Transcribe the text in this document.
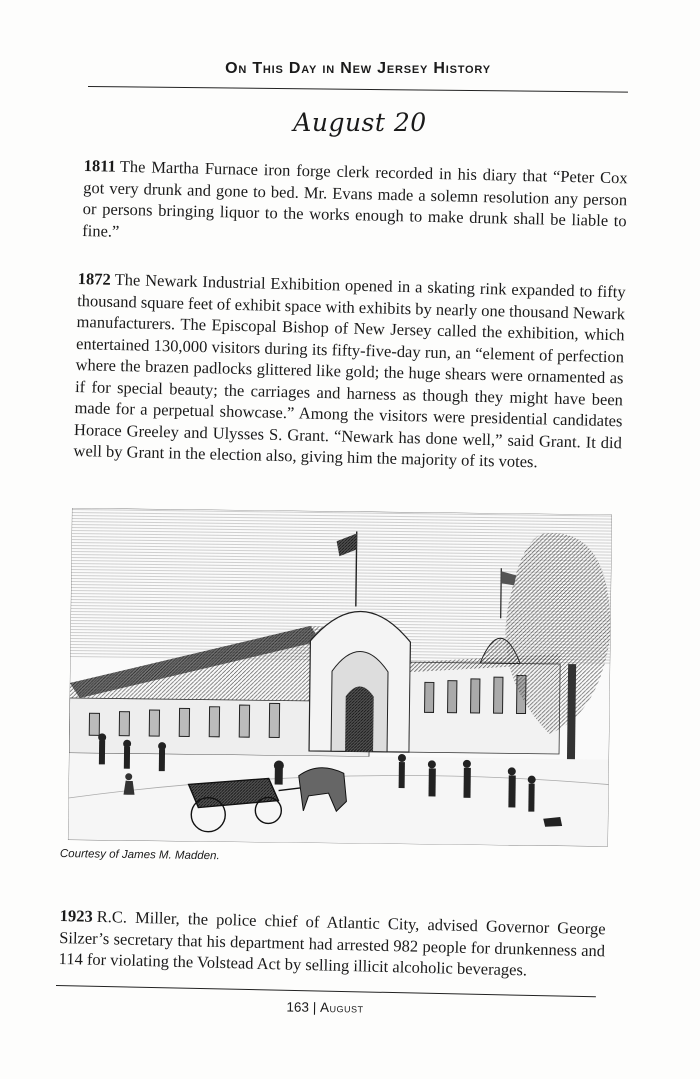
On This Day in New Jersey History
August 20
1811 The Martha Furnace iron forge clerk recorded in his diary that “Peter Cox got very drunk and gone to bed. Mr. Evans made a solemn resolution any person or persons bringing liquor to the works enough to make drunk shall be liable to fine.”
1872 The Newark Industrial Exhibition opened in a skating rink expanded to fifty thousand square feet of exhibit space with exhibits by nearly one thousand Newark manufacturers. The Episcopal Bishop of New Jersey called the exhibition, which entertained 130,000 visitors during its fifty-five-day run, an “element of perfection where the brazen padlocks glittered like gold; the huge shears were ornamented as if for special beauty; the carriages and harness as though they might have been made for a perpetual showcase.” Among the visitors were presidential candidates Horace Greeley and Ulysses S. Grant. “Newark has done well,” said Grant. It did well by Grant in the election also, giving him the majority of its votes.
Courtesy of James M. Madden.
1923 R.C. Miller, the police chief of Atlantic City, advised Governor George Silzer’s secretary that his department had arrested 982 people for drunkenness and 114 for violating the Volstead Act by selling illicit alcoholic beverages.
163 | August
